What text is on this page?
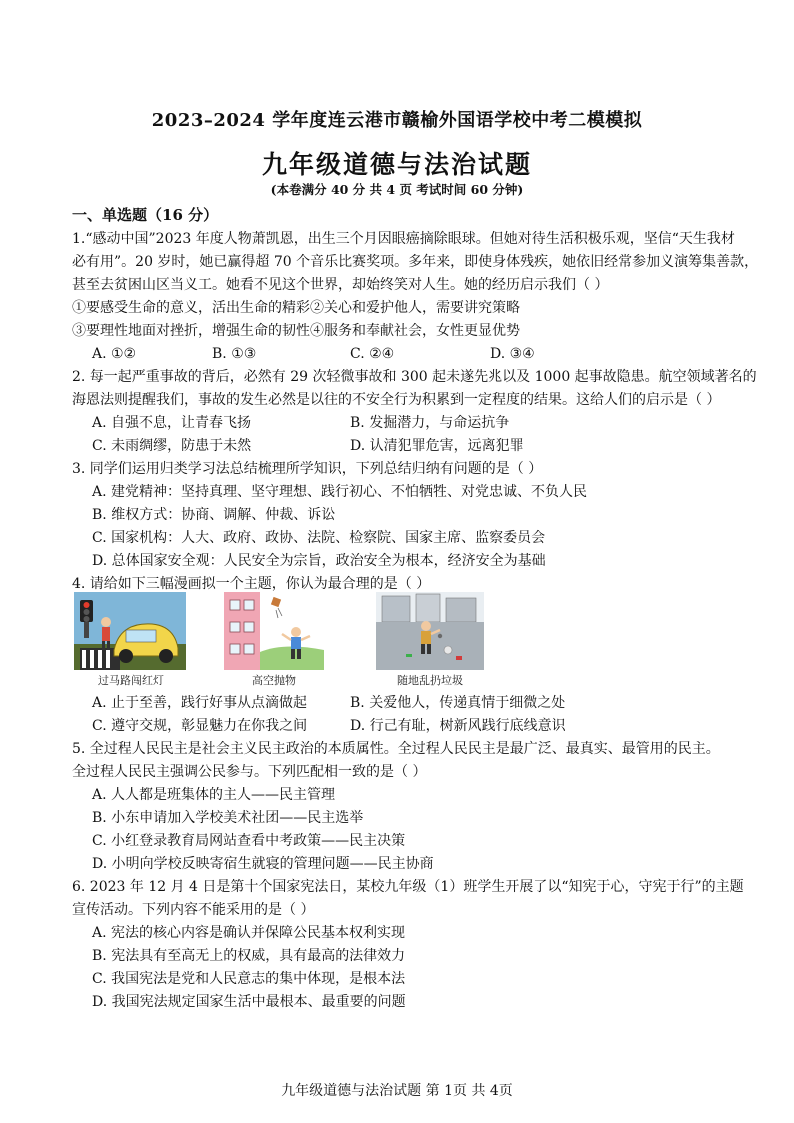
2023–2024 学年度连云港市赣榆外国语学校中考二模模拟
九年级道德与法治试题
(本卷满分 40 分 共 4 页 考试时间 60 分钟)
一、单选题（16 分）
1.“感动中国”2023 年度人物萧凯恩，出生三个月因眼癌摘除眼球。但她对待生活积极乐观，坚信“天生我材
必有用”。20 岁时，她已赢得超 70 个音乐比赛奖项。多年来，即使身体残疾，她依旧经常参加义演筹集善款，
甚至去贫困山区当义工。她看不见这个世界，却始终笑对人生。她的经历启示我们（ ）
①要感受生命的意义，活出生命的精彩②关心和爱护他人，需要讲究策略
③要理性地面对挫折，增强生命的韧性④服务和奉献社会，女性更显优势
A. ①②	B. ①③	C. ②④	D. ③④
2. 每一起严重事故的背后，必然有 29 次轻微事故和 300 起未遂先兆以及 1000 起事故隐患。航空领域著名的
海恩法则提醒我们，事故的发生必然是以往的不安全行为积累到一定程度的结果。这给人们的启示是（ ）
A. 自强不息，让青春飞扬	B. 发掘潜力，与命运抗争
C. 未雨绸缪，防患于未然	D. 认清犯罪危害，远离犯罪
3. 同学们运用归类学习法总结梳理所学知识，下列总结归纳有问题的是（ ）
A. 建党精神：坚持真理、坚守理想、践行初心、不怕牺牲、对党忠诚、不负人民
B. 维权方式：协商、调解、仲裁、诉讼
C. 国家机构：人大、政府、政协、法院、检察院、国家主席、监察委员会
D. 总体国家安全观：人民安全为宗旨，政治安全为根本，经济安全为基础
4. 请给如下三幅漫画拟一个主题，你认为最合理的是（ ）
过马路闯红灯	高空抛物	随地乱扔垃圾
A. 止于至善，践行好事从点滴做起	B. 关爱他人，传递真情于细微之处
C. 遵守交规，彰显魅力在你我之间	D. 行己有耻，树新风践行底线意识
5. 全过程人民民主是社会主义民主政治的本质属性。全过程人民民主是最广泛、最真实、最管用的民主。
全过程人民民主强调公民参与。下列匹配相一致的是（ ）
A. 人人都是班集体的主人——民主管理
B. 小东申请加入学校美术社团——民主选举
C. 小红登录教育局网站查看中考政策——民主决策
D. 小明向学校反映寄宿生就寝的管理问题——民主协商
6. 2023 年 12 月 4 日是第十个国家宪法日，某校九年级（1）班学生开展了以“知宪于心，守宪于行”的主题
宣传活动。下列内容不能采用的是（ ）
A. 宪法的核心内容是确认并保障公民基本权利实现
B. 宪法具有至高无上的权威，具有最高的法律效力
C. 我国宪法是党和人民意志的集中体现，是根本法
D. 我国宪法规定国家生活中最根本、最重要的问题
九年级道德与法治试题 第 1页 共 4页
